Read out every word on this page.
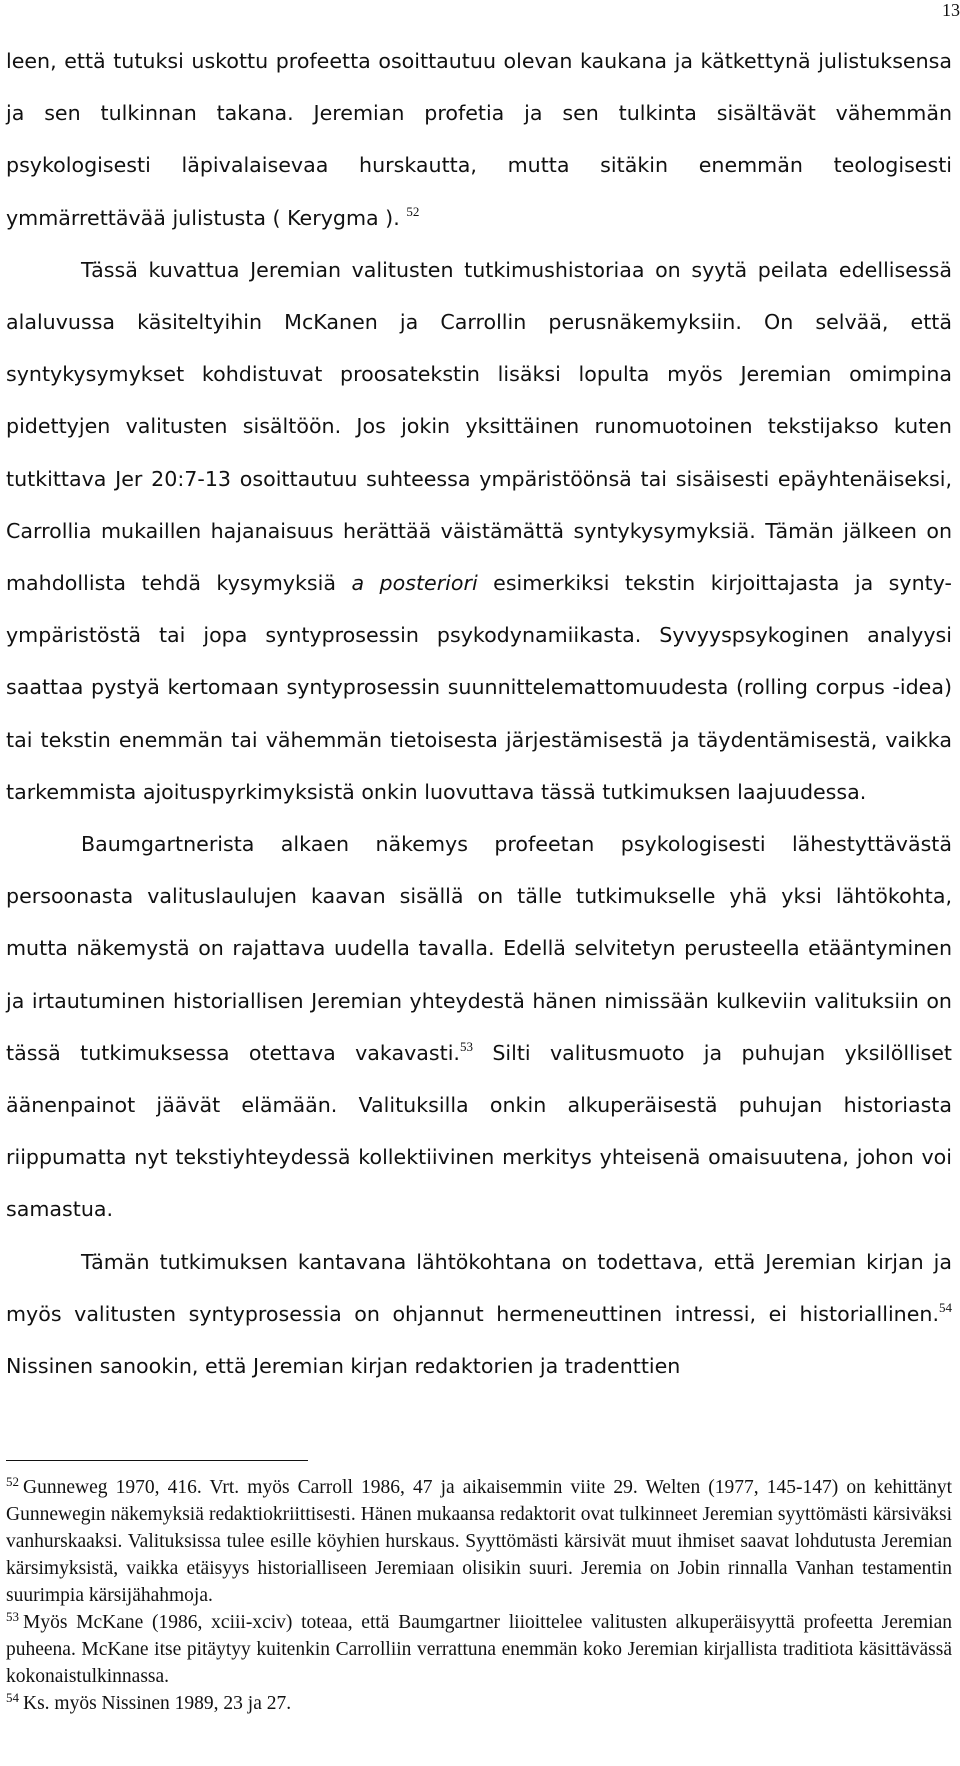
13

leen, että tutuksi uskottu profeetta osoittautuu olevan kaukana ja kätkettynä julistuksensa ja sen tulkinnan takana. Jeremian profetia ja sen tulkinta sisältävät vähemmän psykologisesti läpivalaisevaa hurskautta, mutta sitäkin enemmän teologisesti ymmärrettävää julistusta ( Kerygma ). $^{52}$

Tässä kuvattua Jeremian valitusten tutkimushistoriaa on syytä peilata edellisessä alaluvussa käsiteltyihin McKanen ja Carrollin perusnäkemyksiin. On selvää, että syntykysymykset kohdistuvat proosatekstin lisäksi lopulta myös Jeremian omimpina pidettyjen valitusten sisältöön. Jos jokin yksittäinen runomuotoinen tekstijakso kuten tutkittava Jer 20:7-13 osoittautuu suhteessa ympäristöönsä tai sisäisesti epäyhtenäiseksi, Carrollia mukaillen hajanaisuus herättää väistämättä syntykysymyksiä. Tämän jälkeen on mahdollista tehdä kysymyksiä a posteriori esimerkiksi tekstin kirjoittajasta ja synty-ympäristöstä tai jopa syntyprosessin psykodynamiikasta. Syvyyspsykoginen analyysi saattaa pystyä kertomaan syntyprosessin suunnittelemattomuudesta (rolling corpus -idea) tai tekstin enemmän tai vähemmän tietoisesta järjestämisestä ja täydentämisestä, vaikka tarkemmista ajoituspyrkimyksistä onkin luovuttava tässä tutkimuksen laajuudessa.

Baumgartnerista alkaen näkemys profeetan psykologisesti lähestyttävästä persoonasta valituslaulujen kaavan sisällä on tälle tutkimukselle yhä yksi lähtökohta, mutta näkemystä on rajattava uudella tavalla. Edellä selvitetyn perusteella etääntyminen ja irtautuminen historiallisen Jeremian yhteydestä hänen nimissään kulkeviin valituksiin on tässä tutkimuksessa otettava vakavasti.$^{53}$ Silti valitusmuoto ja puhujan yksilölliset äänenpainot jäävät elämään. Valituksilla onkin alkuperäisestä puhujan historiasta riippumatta nyt tekstiyhteydessä kollektiivinen merkitys yhteisenä omaisuutena, johon voi samastua.

Tämän tutkimuksen kantavana lähtökohtana on todettava, että Jeremian kirjan ja myös valitusten syntyprosessia on ohjannut hermeneuttinen intressi, ei historiallinen.$^{54}$ Nissinen sanookin, että Jeremian kirjan redaktorien ja tradenttien

$^{52}$ Gunneweg 1970, 416. Vrt. myös Carroll 1986, 47 ja aikaisemmin viite 29. Welten (1977, 145-147) on kehittänyt Gunnewegin näkemyksiä redaktiokriittisesti. Hänen mukaansa redaktorit ovat tulkinneet Jeremian syyttömästi kärsiväksi vanhurskaaksi. Valituksissa tulee esille köyhien hurskaus. Syyttömästi kärsivät muut ihmiset saavat lohdutusta Jeremian kärsimyksistä, vaikka etäisyys historialliseen Jeremiaan olisikin suuri. Jeremia on Jobin rinnalla Vanhan testamentin suurimpia kärsijähahmoja.

$^{53}$ Myös McKane (1986, xciii-xciv) toteaa, että Baumgartner liioittelee valitusten alkuperäisyyttä profeetta Jeremian puheena. McKane itse pitäytyy kuitenkin Carrolliin verrattuna enemmän koko Jeremian kirjallista traditiota käsittävässä kokonaistulkinnassa.

$^{54}$ Ks. myös Nissinen 1989, 23 ja 27.
